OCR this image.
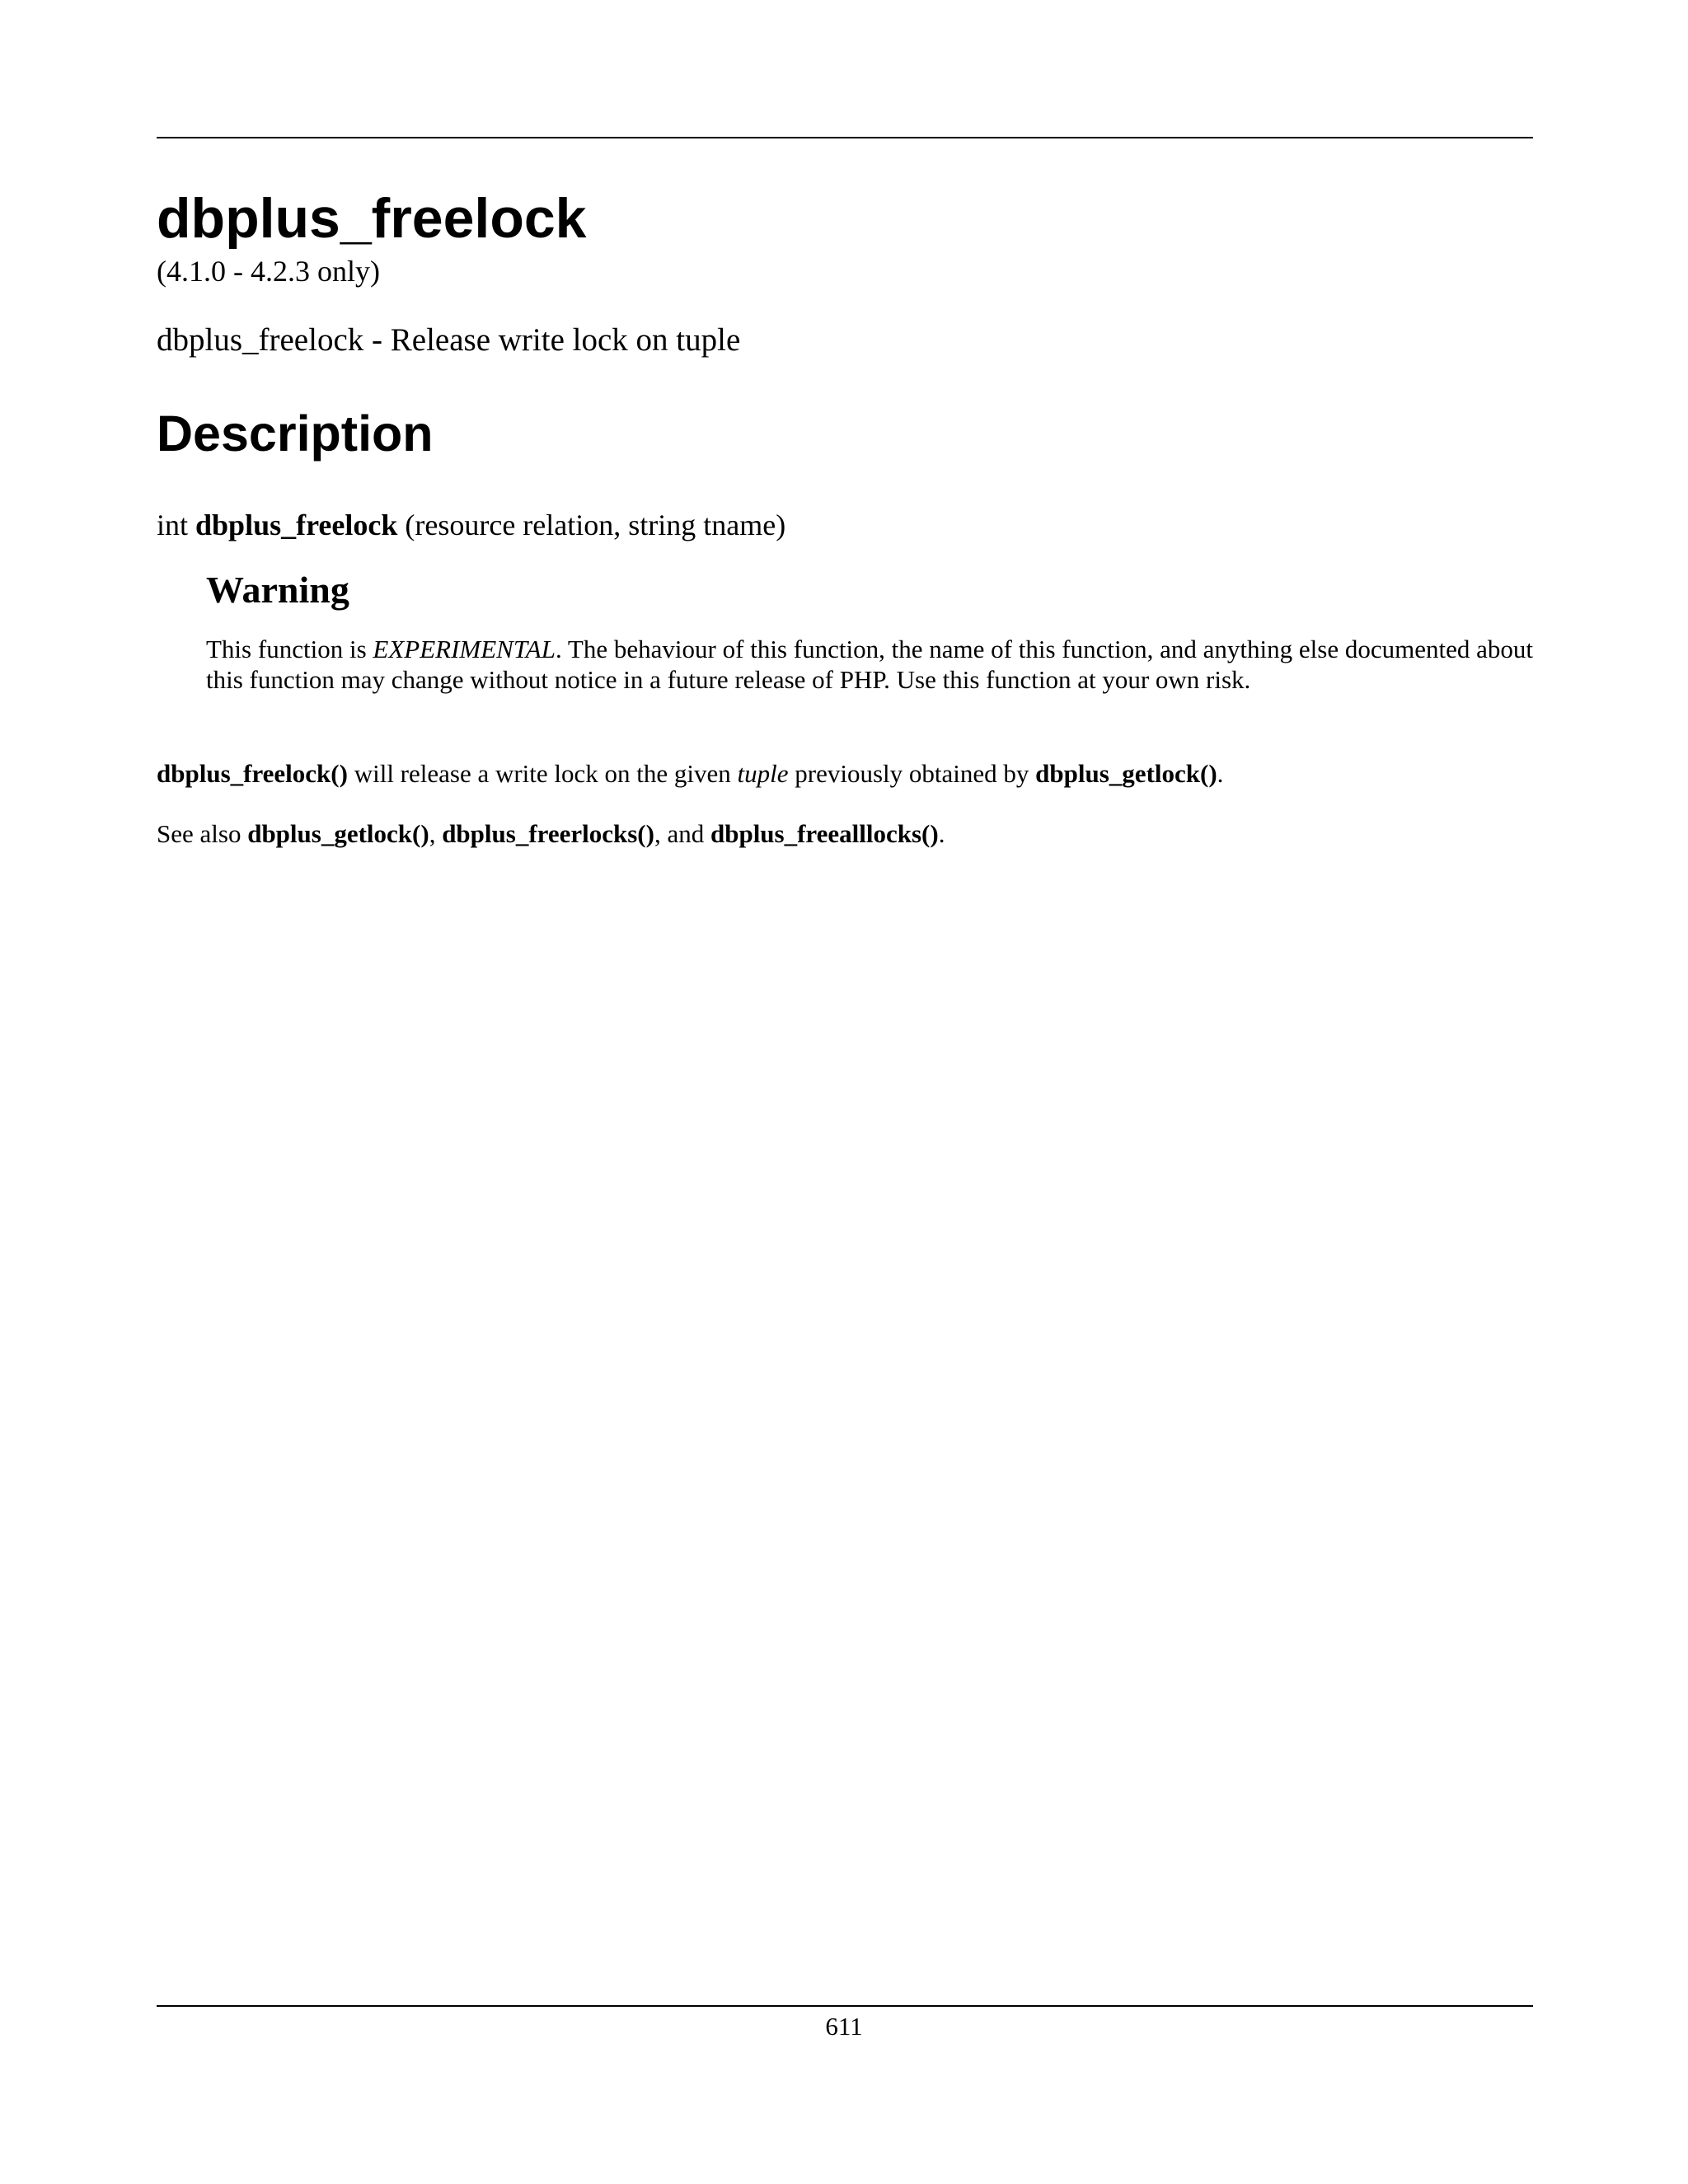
dbplus_freelock
(4.1.0 - 4.2.3 only)
dbplus_freelock - Release write lock on tuple
Description
int dbplus_freelock (resource relation, string tname)
Warning

This function is EXPERIMENTAL. The behaviour of this function, the name of this function, and anything else documented about this function may change without notice in a future release of PHP. Use this function at your own risk.

dbplus_freelock() will release a write lock on the given tuple previously obtained by dbplus_getlock().
See also dbplus_getlock(), dbplus_freerlocks(), and dbplus_freealllocks().
611
